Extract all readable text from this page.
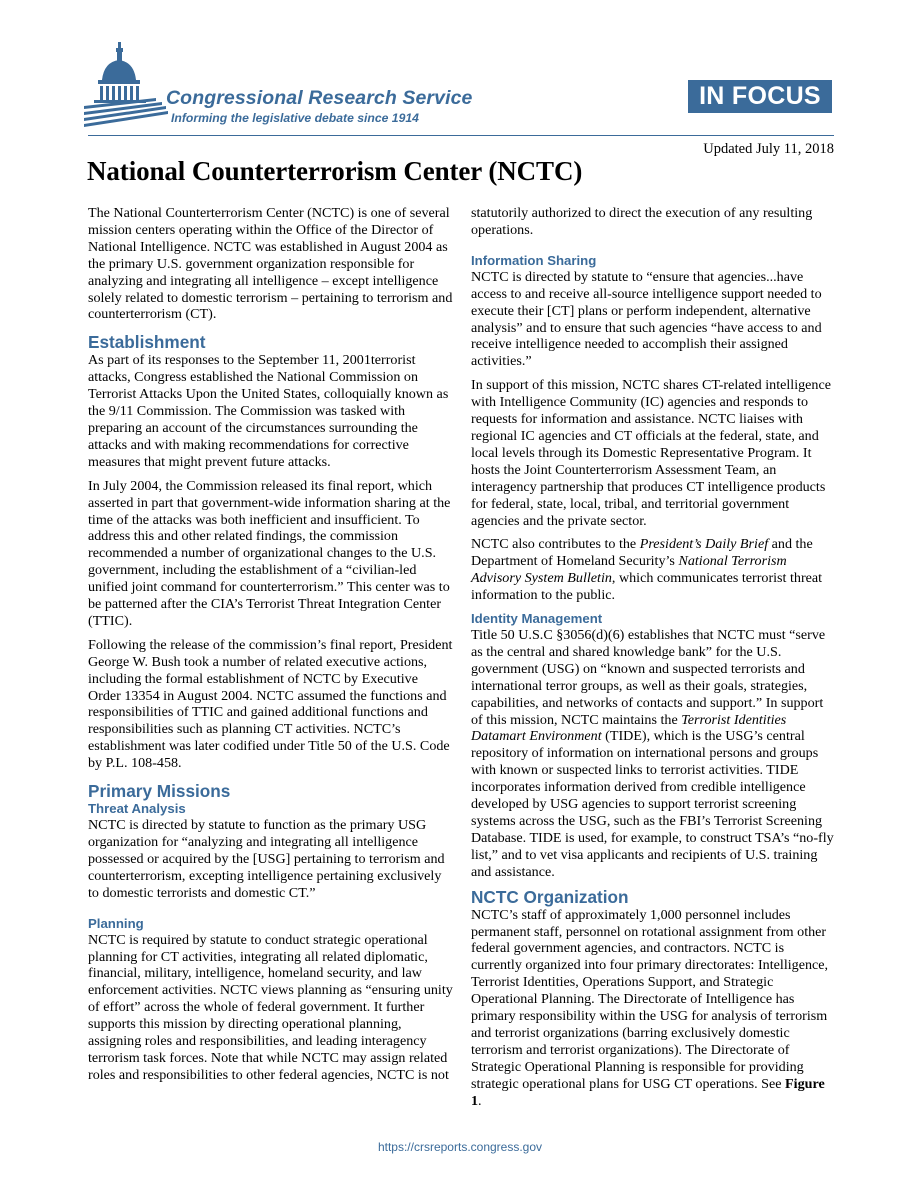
Congressional Research Service
Informing the legislative debate since 1914
IN FOCUS
Updated July 11, 2018
National Counterterrorism Center (NCTC)

The National Counterterrorism Center (NCTC) is one of several mission centers operating within the Office of the Director of National Intelligence. NCTC was established in August 2004 as the primary U.S. government organization responsible for analyzing and integrating all intelligence – except intelligence solely related to domestic terrorism – pertaining to terrorism and counterterrorism (CT).

Establishment

As part of its responses to the September 11, 2001terrorist attacks, Congress established the National Commission on Terrorist Attacks Upon the United States, colloquially known as the 9/11 Commission. The Commission was tasked with preparing an account of the circumstances surrounding the attacks and with making recommendations for corrective measures that might prevent future attacks.

In July 2004, the Commission released its final report, which asserted in part that government-wide information sharing at the time of the attacks was both inefficient and insufficient. To address this and other related findings, the commission recommended a number of organizational changes to the U.S. government, including the establishment of a “civilian-led unified joint command for counterterrorism.” This center was to be patterned after the CIA’s Terrorist Threat Integration Center (TTIC).

Following the release of the commission’s final report, President George W. Bush took a number of related executive actions, including the formal establishment of NCTC by Executive Order 13354 in August 2004. NCTC assumed the functions and responsibilities of TTIC and gained additional functions and responsibilities such as planning CT activities. NCTC’s establishment was later codified under Title 50 of the U.S. Code by P.L. 108-458.

Primary Missions
Threat Analysis

NCTC is directed by statute to function as the primary USG organization for “analyzing and integrating all intelligence possessed or acquired by the [USG] pertaining to terrorism and counterterrorism, excepting intelligence pertaining exclusively to domestic terrorists and domestic CT.”

Planning

NCTC is required by statute to conduct strategic operational planning for CT activities, integrating all related diplomatic, financial, military, intelligence, homeland security, and law enforcement activities. NCTC views planning as “ensuring unity of effort” across the whole of federal government. It further supports this mission by directing operational planning, assigning roles and responsibilities, and leading interagency terrorism task forces. Note that while NCTC may assign related roles and responsibilities to other federal agencies, NCTC is not

statutorily authorized to direct the execution of any resulting operations.

Information Sharing

NCTC is directed by statute to “ensure that agencies...have access to and receive all-source intelligence support needed to execute their [CT] plans or perform independent, alternative analysis” and to ensure that such agencies “have access to and receive intelligence needed to accomplish their assigned activities.”

In support of this mission, NCTC shares CT-related intelligence with Intelligence Community (IC) agencies and responds to requests for information and assistance. NCTC liaises with regional IC agencies and CT officials at the federal, state, and local levels through its Domestic Representative Program. It hosts the Joint Counterterrorism Assessment Team, an interagency partnership that produces CT intelligence products for federal, state, local, tribal, and territorial government agencies and the private sector.

NCTC also contributes to the President’s Daily Brief and the Department of Homeland Security’s National Terrorism Advisory System Bulletin, which communicates terrorist threat information to the public.

Identity Management

Title 50 U.S.C §3056(d)(6) establishes that NCTC must “serve as the central and shared knowledge bank” for the U.S. government (USG) on “known and suspected terrorists and international terror groups, as well as their goals, strategies, capabilities, and networks of contacts and support.” In support of this mission, NCTC maintains the Terrorist Identities Datamart Environment (TIDE), which is the USG’s central repository of information on international persons and groups with known or suspected links to terrorist activities. TIDE incorporates information derived from credible intelligence developed by USG agencies to support terrorist screening systems across the USG, such as the FBI’s Terrorist Screening Database. TIDE is used, for example, to construct TSA’s “no-fly list,” and to vet visa applicants and recipients of U.S. training and assistance.

NCTC Organization

NCTC’s staff of approximately 1,000 personnel includes permanent staff, personnel on rotational assignment from other federal government agencies, and contractors. NCTC is currently organized into four primary directorates: Intelligence, Terrorist Identities, Operations Support, and Strategic Operational Planning. The Directorate of Intelligence has primary responsibility within the USG for analysis of terrorism and terrorist organizations (barring exclusively domestic terrorism and terrorist organizations). The Directorate of Strategic Operational Planning is responsible for providing strategic operational plans for USG CT operations. See Figure 1.

https://crsreports.congress.gov
